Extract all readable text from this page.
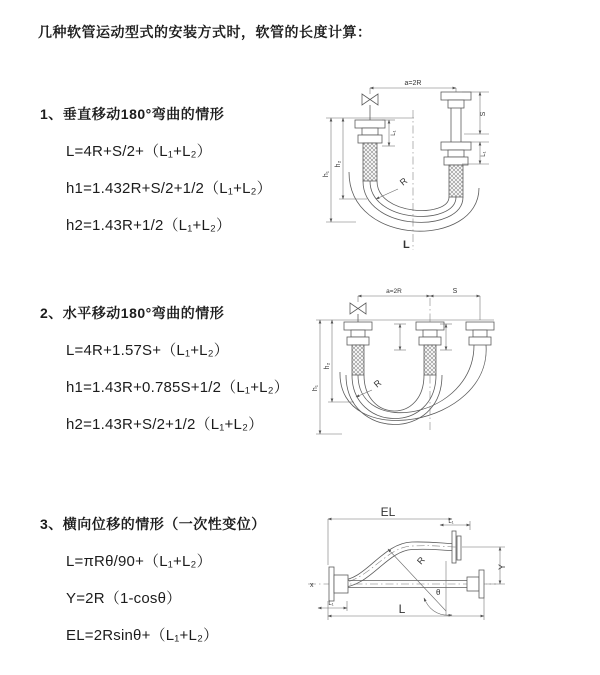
几种软管运动型式的安装方式时，软管的长度计算：
1、垂直移动180°弯曲的情形
L=4R+S/2+（L₁+L₂）
h1=1.432R+S/2+1/2（L₁+L₂）
h2=1.43R+1/2（L₁+L₂）
a=2R
h₁
h₂
L₁
S
L₁
R
L
2、水平移动180°弯曲的情形
L=4R+1.57S+（L₁+L₂）
h1=1.43R+0.785S+1/2（L₁+L₂）
h2=1.43R+S/2+1/2（L₁+L₂）
a=2R	S
h₁
h₂
R
3、横向位移的情形（一次性变位）
L=πRθ/90+（L₁+L₂）
Y=2R（1-cosθ）
EL=2Rsinθ+（L₁+L₂）
EL
L₁
Y
R
θ
L₁	L
x
